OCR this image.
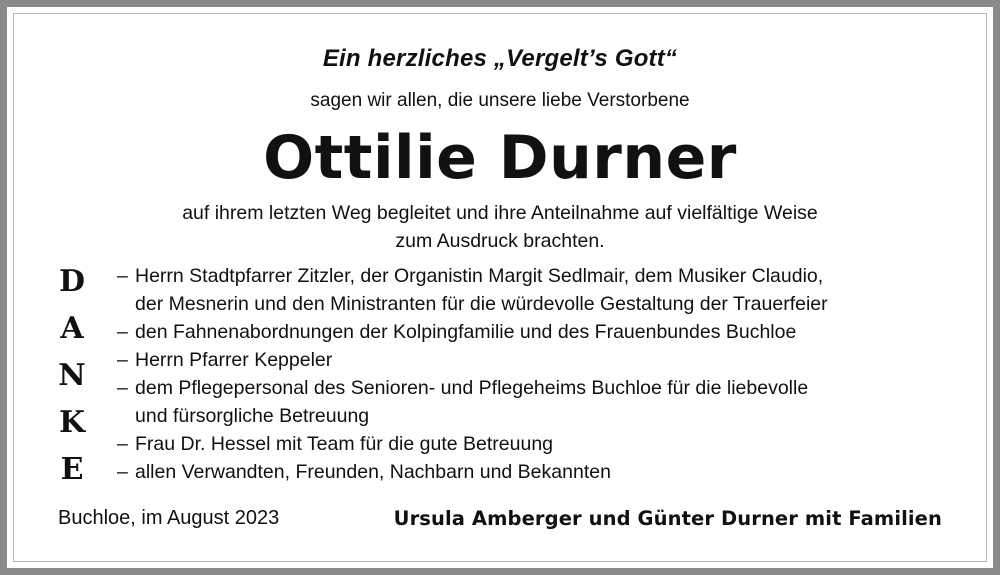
Ein herzliches „Vergelt’s Gott“
sagen wir allen, die unsere liebe Verstorbene
Ottilie Durner
auf ihrem letzten Weg begleitet und ihre Anteilnahme auf vielfältige Weise
zum Ausdruck brachten.
D
A
N
K
E
– Herrn Stadtpfarrer Zitzler, der Organistin Margit Sedlmair, dem Musiker Claudio,
der Mesnerin und den Ministranten für die würdevolle Gestaltung der Trauerfeier
– den Fahnenabordnungen der Kolpingfamilie und des Frauenbundes Buchloe
– Herrn Pfarrer Keppeler
– dem Pflegepersonal des Senioren- und Pflegeheims Buchloe für die liebevolle
und fürsorgliche Betreuung
– Frau Dr. Hessel mit Team für die gute Betreuung
– allen Verwandten, Freunden, Nachbarn und Bekannten
Buchloe, im August 2023	Ursula Amberger und Günter Durner mit Familien
